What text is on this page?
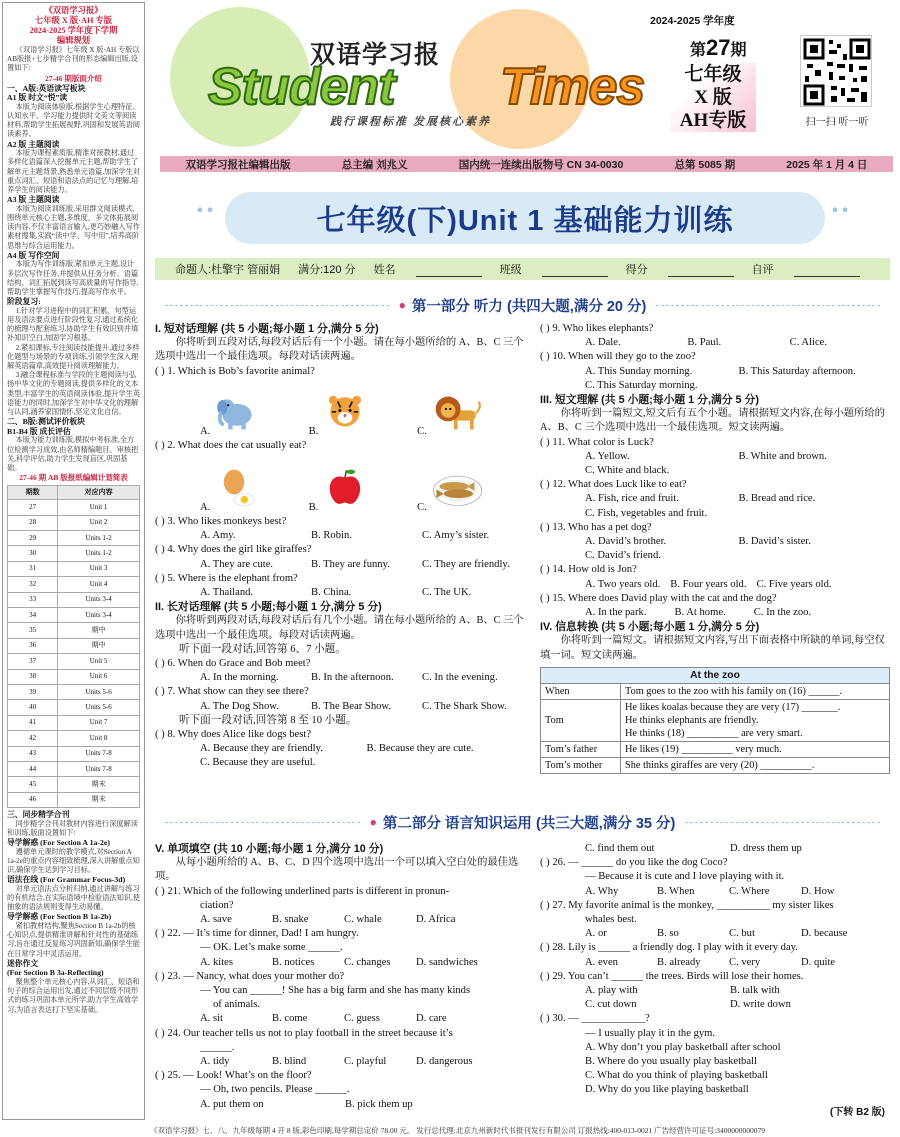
《双语学习报》
七年级 X 版·AH 专版
2024-2025 学年度下学期
编辑规划
《双语学习报》七年级 X 版·AH 专版以AB版报+七步精学合刊的形态编辑出版,设置如下:
27-46 期版面介绍
一、A版:英语读写板块
A1 版 时文“悦”读
本版为阅读体验版,根据学生心理特征、认知水平、学习能力提供时文美文等阅读材料,帮助学生拓展视野,巩固和发展英语阅读素养。
A2 版 主题阅读
本版为课程素质版,精准对接教材,通过多样化语篇深入挖掘单元主题,帮助学生了解单元主题背景,熟悉单元语篇,加深学生对重点词汇、短语和语法点的记忆与理解,培养学生的阅读能力。
A3 版 主题阅读
本版为阅读训练版,采用群文阅读模式,围绕单元核心主题,多维度、多文体拓展阅读内容,不仅丰富语言输入,更巧妙融入写作素材搜集,实践“读中学、写中用”,培养高阶思维与综合运用能力。
A4 版 写作空间
本版为写作训练版,紧扣单元主题,设计多层次写作任务,并提供从任务分析、语篇结构、词汇拓展到读写高质量的写作指导,帮助学生掌握写作技巧,提高写作水平。
阶段复习:
1.针对学习进程中的词汇积累、句型运用及语法要点进行阶段性复习,通过系统化的梳理与配套练习,协助学生有效识别并填补知识空白,加固学习根基。
2.紧扣课标,专注阅读技能提升,通过多样化题型与场景的专项训练,引领学生深入理解英语篇章,高效提升阅读理解能力。
3.融合课程标准与学段的主题阅读与弘扬中华文化的专题阅读,提供多样化的文本类型,丰富学生的英语阅读体验,提升学生英语能力的同时,加深学生对中华文化的理解与认同,涵养家国情怀,坚定文化自信。
二、B版:测试评价板块
B1-B4 版 成长评估
本版为能力训练版,模拟中考标准,全方位检测学习成效,由名师精编题目、审核把关,科学评估,助力学生发现盲区,巩固基础。
27-46 期 AB 版报纸编辑计划简表
期数	对应内容
27	Unit 1
28	Unit 2
29	Units 1-2
30	Units 1-2
31	Unit 3
32	Unit 4
33	Units 3-4
34	Units 3-4
35	期中
36	期中
37	Unit 5
38	Unit 6
39	Units 5-6
40	Units 5-6
41	Unit 7
42	Unit 8
43	Units 7-8
44	Units 7-8
45	期末
46	期末
三、同步精学合刊
同步精学合刊对教材内容进行深度解读和训练,版面设置如下:
导学解惑 (For Section A 1a-2e)
遵循单元课时的教学模式,对Section A 1a-2e的重点内容细致梳理,深入讲解重点知识,确保学生达到学习目标。
语法在线 (For Grammar Focus-3d)
对单元语法点分析归纳,通过讲解与练习的有机结合,在实际语境中检验语法知识,使抽象的语法规则变得生动易懂。
导学解惑 (For Section B 1a-2b)
紧扣教材结构,聚焦Section B 1a-2b的核心知识点,提供精准讲解和针对性的基础练习,旨在通过反复练习巩固新知,确保学生能在日常学习中灵活运用。
迷你作文
(For Section B 3a-Reflecting)
聚焦整个单元核心内容,从词汇、短语和句子的综合运用出发,通过不同层级不同形式的练习巩固本单元所学,助力学生高效学习,为语言表达打下坚实基础。
双语学习报
Student Times
践行课程标准 发展核心素养
2024-2025 学年度
第27期
七年级
X 版
AH专版	扫一扫 听一听
双语学习报社编辑出版	总主编 刘兆义	国内统一连续出版物号 CN 34-0030	总第 5085 期	2025 年 1 月 4 日
∙∙	∙∙
七年级(下)Unit 1 基础能力训练
命题人:杜擎宇 管丽娟 满分:120 分 姓名	班级	得分	自评
● 第一部分 听力 (共四大题,满分 20 分)
I. 短对话理解 (共 5 小题;每小题 1 分,满分 5 分)
你将听到五段对话,每段对话后有一个小题。请在每小题所给的 A、B、C 三个选项中选出一个最佳选项。每段对话读两遍。
( ) 1. Which is Bob’s favorite animal?
A.	B.	C.
( ) 2. What does the cat usually eat?
A.	B.	C.
( ) 3. Who likes monkeys best?
A. Amy.	B. Robin.	C. Amy’s sister.
( ) 4. Why does the girl like giraffes?
A. They are cute.	B. They are funny.	C. They are friendly.
( ) 5. Where is the elephant from?
A. Thailand.	B. China.	C. The UK.
II. 长对话理解 (共 5 小题;每小题 1 分,满分 5 分)
你将听到两段对话,每段对话后有几个小题。请在每小题所给的 A、B、C 三个选项中选出一个最佳选项。每段对话读两遍。
听下面一段对话,回答第 6、7 小题。
( ) 6. When do Grace and Bob meet?
A. In the morning.	B. In the afternoon.	C. In the evening.
( ) 7. What show can they see there?
A. The Dog Show.	B. The Bear Show.	C. The Shark Show.
听下面一段对话,回答第 8 至 10 小题。
( ) 8. Why does Alice like dogs best?
A. Because they are friendly.	B. Because they are cute.
C. Because they are useful.
( ) 9. Who likes elephants?
A. Dale.	B. Paul.	C. Alice.
( ) 10. When will they go to the zoo?
A. This Sunday morning.	B. This Saturday afternoon.
C. This Saturday morning.
III. 短文理解 (共 5 小题;每小题 1 分,满分 5 分)
你将听到一篇短文,短文后有五个小题。请根据短文内容,在每小题所给的 A、B、C 三个选项中选出一个最佳选项。短文读两遍。
( ) 11. What color is Luck?
A. Yellow.	B. White and brown.
C. White and black.
( ) 12. What does Luck like to eat?
A. Fish, rice and fruit.	B. Bread and rice.
C. Fish, vegetables and fruit.
( ) 13. Who has a pet dog?
A. David’s brother.	B. David’s sister.
C. David’s friend.
( ) 14. How old is Jon?
A. Two years old. B. Four years old. C. Five years old.
( ) 15. Where does David play with the cat and the dog?
A. In the park.	B. At home.	C. In the zoo.
IV. 信息转换 (共 5 小题;每小题 1 分,满分 5 分)
你将听到一篇短文。请根据短文内容,写出下面表格中所缺的单词,每空仅填一词。短文读两遍。
At the zoo	
When	Tom goes to the zoo with his family on (16) ______.
Tom	He likes koalas because they are very (17) _______.
He thinks elephants are friendly.
He thinks (18) __________ are very smart.
Tom’s father	He likes (19) __________ very much.
Tom’s mother	She thinks giraffes are very (20) __________.
● 第二部分 语言知识运用 (共三大题,满分 35 分)
V. 单项填空 (共 10 小题;每小题 1 分,满分 10 分)
从每小题所给的 A、B、C、D 四个选项中选出一个可以填入空白处的最佳选项。
( ) 21. Which of the following underlined parts is different in pronun-
ciation?
A. save	B. snake	C. whale	D. Africa
( ) 22. — It’s time for dinner, Dad! I am hungry.
— OK. Let’s make some ______.
A. kites	B. notices	C. changes	D. sandwiches
( ) 23. — Nancy, what does your mother do?
— You can ______! She has a big farm and she has many kinds
of animals.
A. sit	B. come	C. guess	D. care
( ) 24. Our teacher tells us not to play football in the street because it’s
______.
A. tidy	B. blind	C. playful	D. dangerous
( ) 25. — Look! What’s on the floor?
— Oh, two pencils. Please ______.
A. put them on	B. pick them up
C. find them out	D. dress them up
( ) 26. — ______ do you like the dog Coco?
— Because it is cute and I love playing with it.
A. Why	B. When	C. Where	D. How
( ) 27. My favorite animal is the monkey, __________ my sister likes
whales best.
A. or	B. so	C. but	D. because
( ) 28. Lily is ______ a friendly dog. I play with it every day.
A. even	B. already	C. very	D. quite
( ) 29. You can’t ______ the trees. Birds will lose their homes.
A. play with	B. talk with
C. cut down	D. write down
( ) 30. — ____________?
— I usually play it in the gym.
A. Why don’t you play basketball after school
B. Where do you usually play basketball
C. What do you think of playing basketball
D. Why do you like playing basketball
(下转 B2 版)
《双语学习报》七、八、九年级每期 4 开 8 版,彩色印刷,每学期总定价 78.00 元。 发行总代理:北京九州新时代书报刊发行有限公司 订报热线:400-013-0021 广告经营许可证号:3400000000079
